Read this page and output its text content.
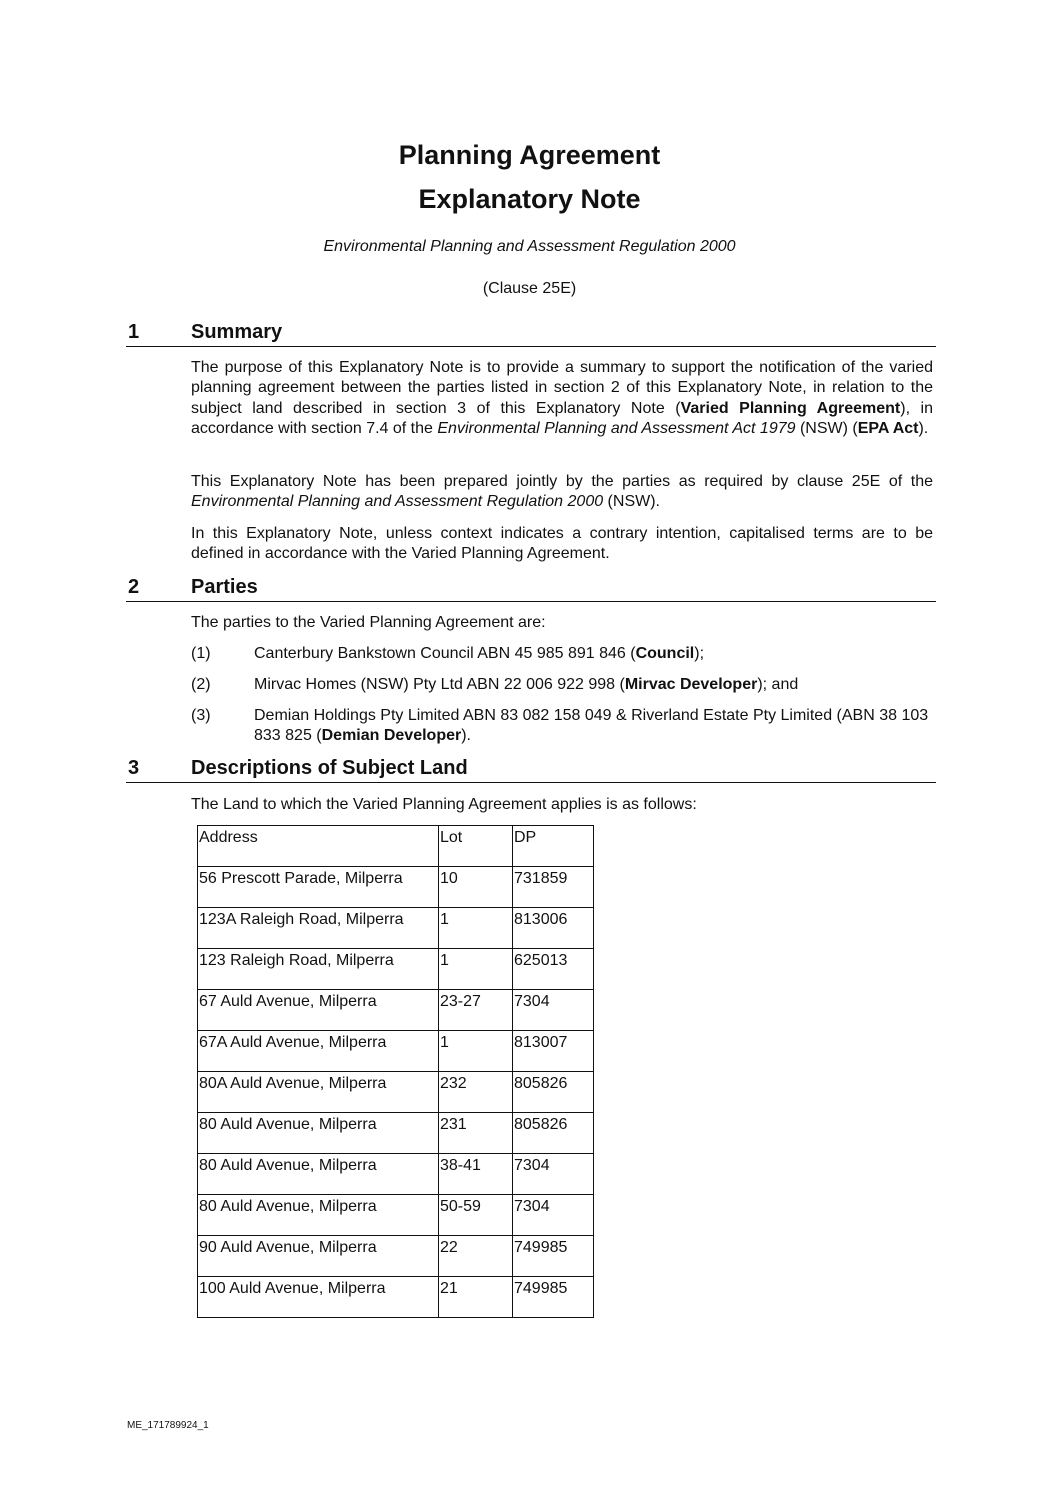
Planning Agreement
Explanatory Note
Environmental Planning and Assessment Regulation 2000
(Clause 25E)
1	Summary
The purpose of this Explanatory Note is to provide a summary to support the notification of the varied planning agreement between the parties listed in section 2 of this Explanatory Note, in relation to the subject land described in section 3 of this Explanatory Note (Varied Planning Agreement), in accordance with section 7.4 of the Environmental Planning and Assessment Act 1979 (NSW) (EPA Act).
This Explanatory Note has been prepared jointly by the parties as required by clause 25E of the Environmental Planning and Assessment Regulation 2000 (NSW).
In this Explanatory Note, unless context indicates a contrary intention, capitalised terms are to be defined in accordance with the Varied Planning Agreement.
2	Parties
The parties to the Varied Planning Agreement are:
(1)	Canterbury Bankstown Council ABN 45 985 891 846 (Council);
(2)	Mirvac Homes (NSW) Pty Ltd ABN 22 006 922 998 (Mirvac Developer); and
(3)	Demian Holdings Pty Limited ABN 83 082 158 049 & Riverland Estate Pty Limited (ABN 38 103 833 825 (Demian Developer).
3	Descriptions of Subject Land
The Land to which the Varied Planning Agreement applies is as follows:
Address	Lot	DP
56 Prescott Parade, Milperra	10	731859
123A Raleigh Road, Milperra	1	813006
123 Raleigh Road, Milperra	1	625013
67 Auld Avenue, Milperra	23-27	7304
67A Auld Avenue, Milperra	1	813007
80A Auld Avenue, Milperra	232	805826
80 Auld Avenue, Milperra	231	805826
80 Auld Avenue, Milperra	38-41	7304
80 Auld Avenue, Milperra	50-59	7304
90 Auld Avenue, Milperra	22	749985
100 Auld Avenue, Milperra	21	749985
ME_171789924_1
